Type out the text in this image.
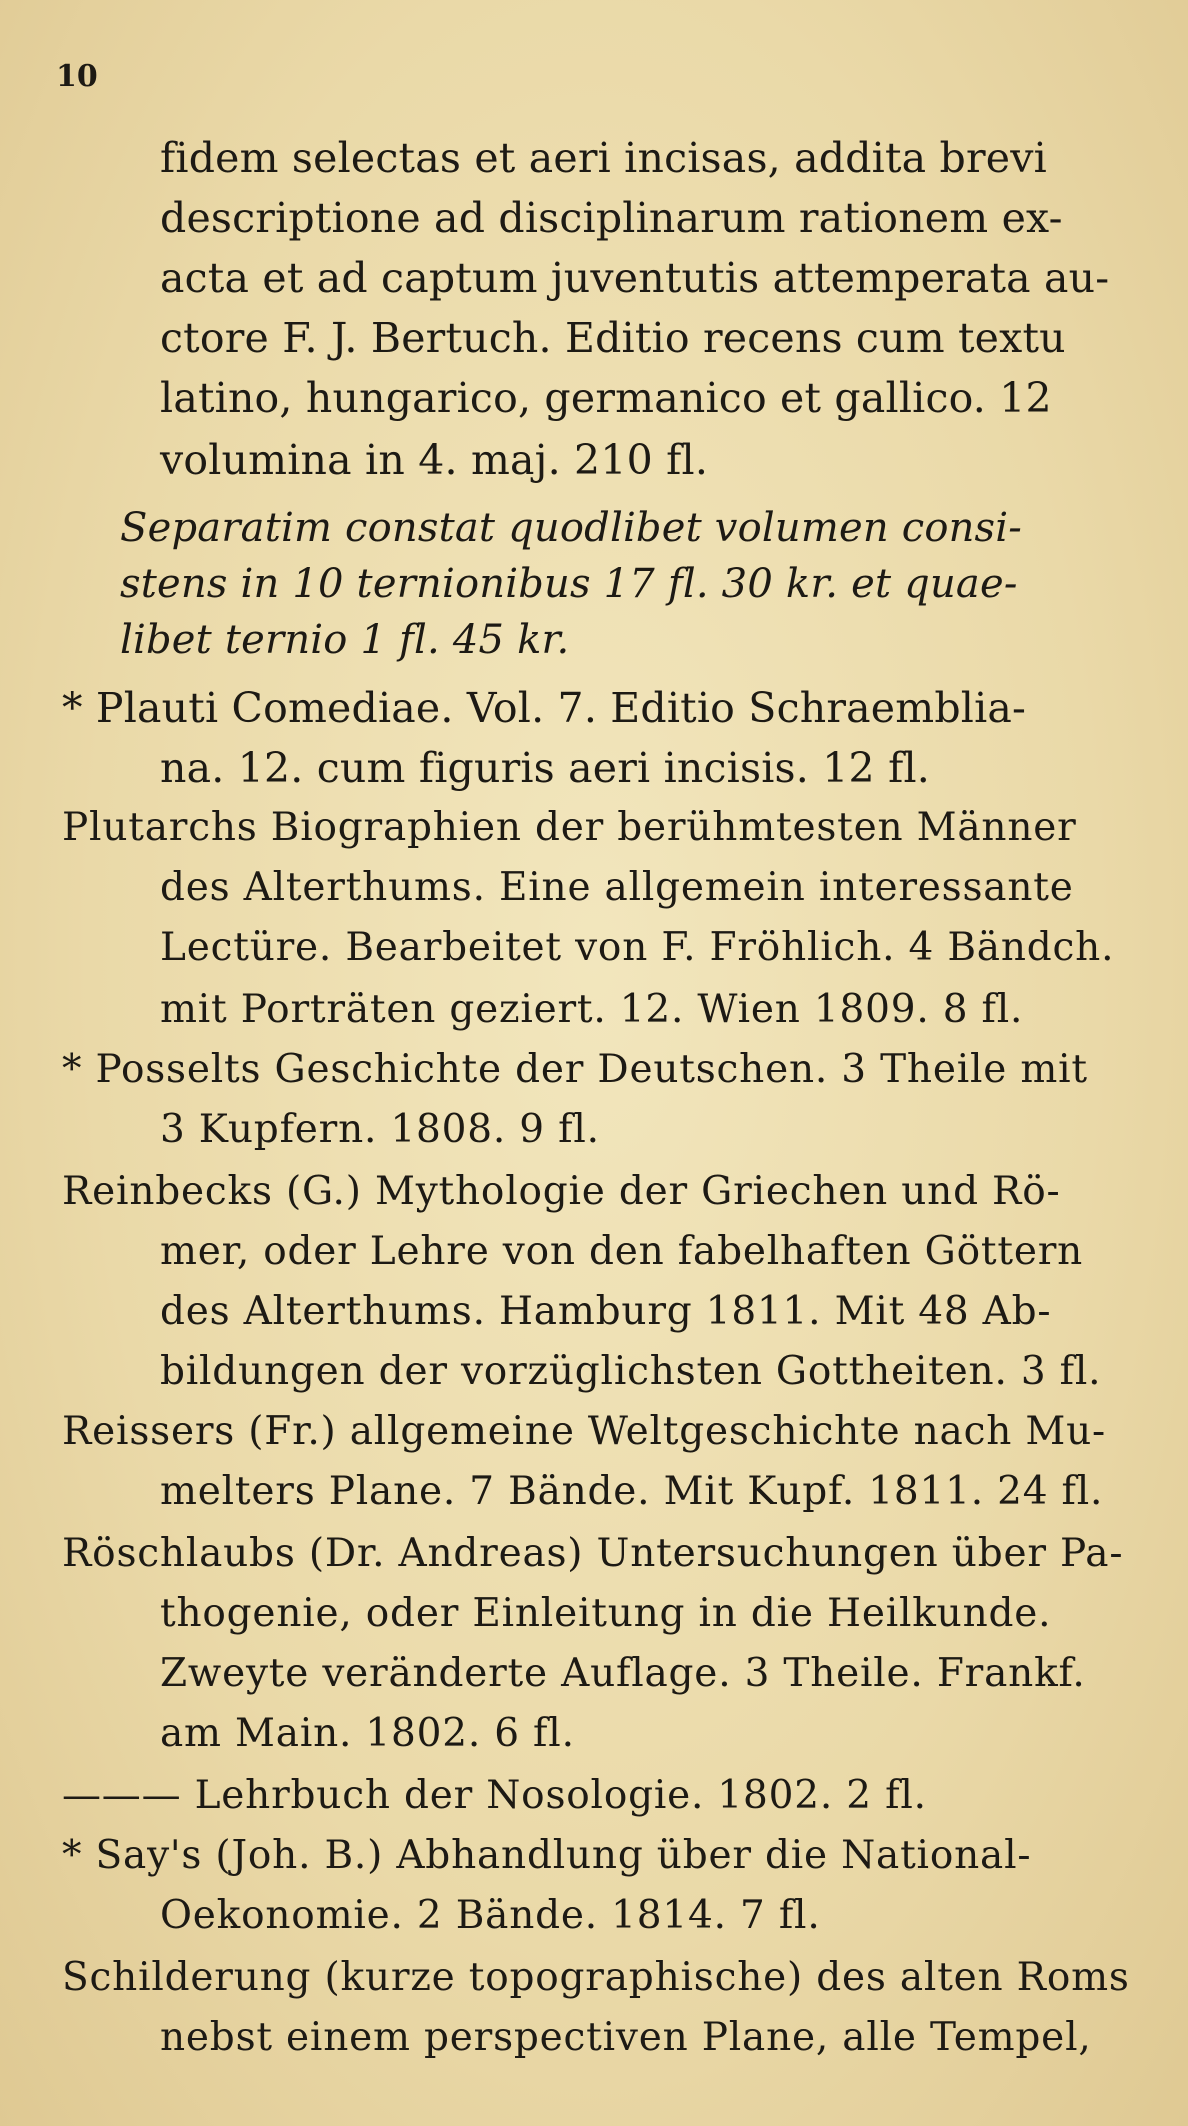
10
fidem selectas et aeri incisas, addita brevi
descriptione ad disciplinarum rationem ex-
acta et ad captum juventutis attemperata au-
ctore F. J. Bertuch. Editio recens cum textu
latino, hungarico, germanico et gallico. 12
volumina in 4. maj. 210 fl.
Separatim constat quodlibet volumen consi-
stens in 10 ternionibus 17 fl. 30 kr. et quae-
libet ternio 1 fl. 45 kr.
* Plauti Comediae. Vol. 7. Editio Schraemblia-
na. 12. cum figuris aeri incisis. 12 fl.
Plutarchs Biographien der berühmtesten Männer
des Alterthums. Eine allgemein interessante
Lectüre. Bearbeitet von F. Fröhlich. 4 Bändch.
mit Porträten geziert. 12. Wien 1809. 8 fl.
* Posselts Geschichte der Deutschen. 3 Theile mit
3 Kupfern. 1808. 9 fl.
Reinbecks (G.) Mythologie der Griechen und Rö-
mer, oder Lehre von den fabelhaften Göttern
des Alterthums. Hamburg 1811. Mit 48 Ab-
bildungen der vorzüglichsten Gottheiten. 3 fl.
Reissers (Fr.) allgemeine Weltgeschichte nach Mu-
melters Plane. 7 Bände. Mit Kupf. 1811. 24 fl.
Röschlaubs (Dr. Andreas) Untersuchungen über Pa-
thogenie, oder Einleitung in die Heilkunde.
Zweyte veränderte Auflage. 3 Theile. Frankf.
am Main. 1802. 6 fl.
——— Lehrbuch der Nosologie. 1802. 2 fl.
* Say's (Joh. B.) Abhandlung über die National-
Oekonomie. 2 Bände. 1814. 7 fl.
Schilderung (kurze topographische) des alten Roms
nebst einem perspectiven Plane, alle Tempel,
